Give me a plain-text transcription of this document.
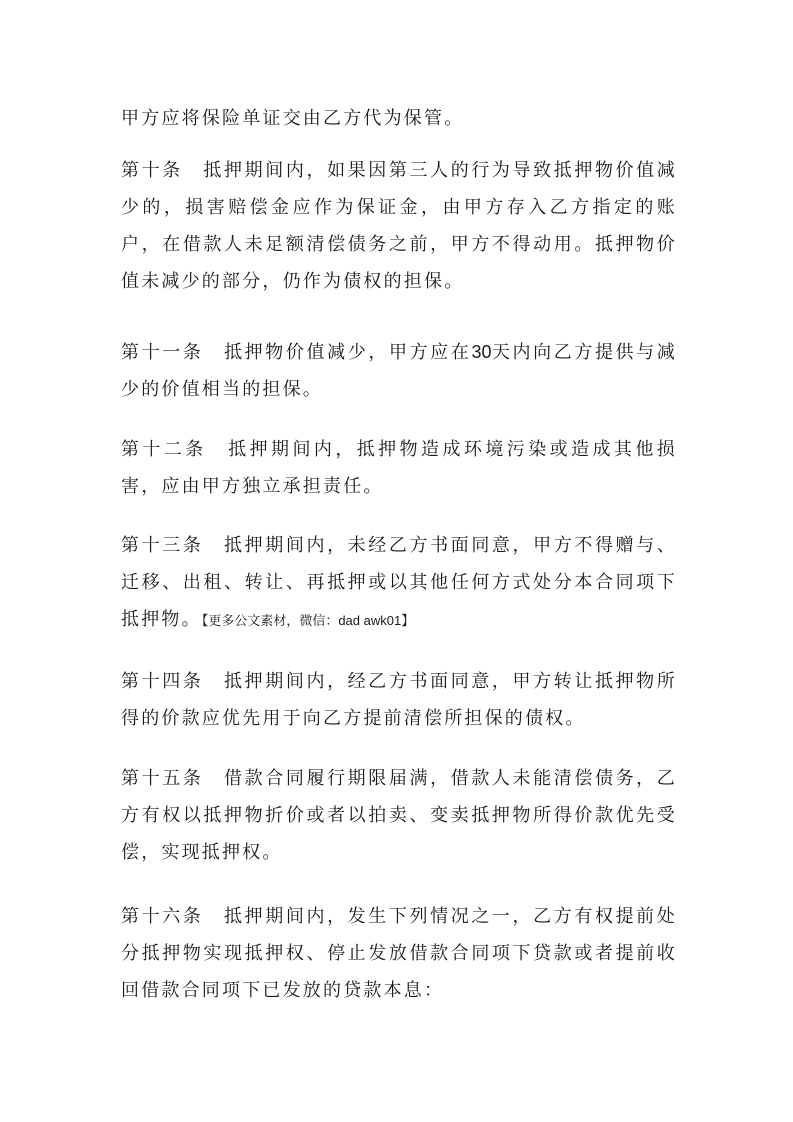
甲方应将保险单证交由乙方代为保管。

第十条　抵押期间内，如果因第三人的行为导致抵押物价值减少的，损害赔偿金应作为保证金，由甲方存入乙方指定的账户，在借款人未足额清偿债务之前，甲方不得动用。抵押物价值未减少的部分，仍作为债权的担保。

第十一条　抵押物价值减少，甲方应在30天内向乙方提供与减少的价值相当的担保。

第十二条　抵押期间内，抵押物造成环境污染或造成其他损害，应由甲方独立承担责任。

第十三条　抵押期间内，未经乙方书面同意，甲方不得赠与、迁移、出租、转让、再抵押或以其他任何方式处分本合同项下抵押物。【更多公文素材，微信：dad awk01】

第十四条　抵押期间内，经乙方书面同意，甲方转让抵押物所得的价款应优先用于向乙方提前清偿所担保的债权。

第十五条　借款合同履行期限届满，借款人未能清偿债务，乙方有权以抵押物折价或者以拍卖、变卖抵押物所得价款优先受偿，实现抵押权。

第十六条　抵押期间内，发生下列情况之一，乙方有权提前处分抵押物实现抵押权、停止发放借款合同项下贷款或者提前收回借款合同项下已发放的贷款本息：
